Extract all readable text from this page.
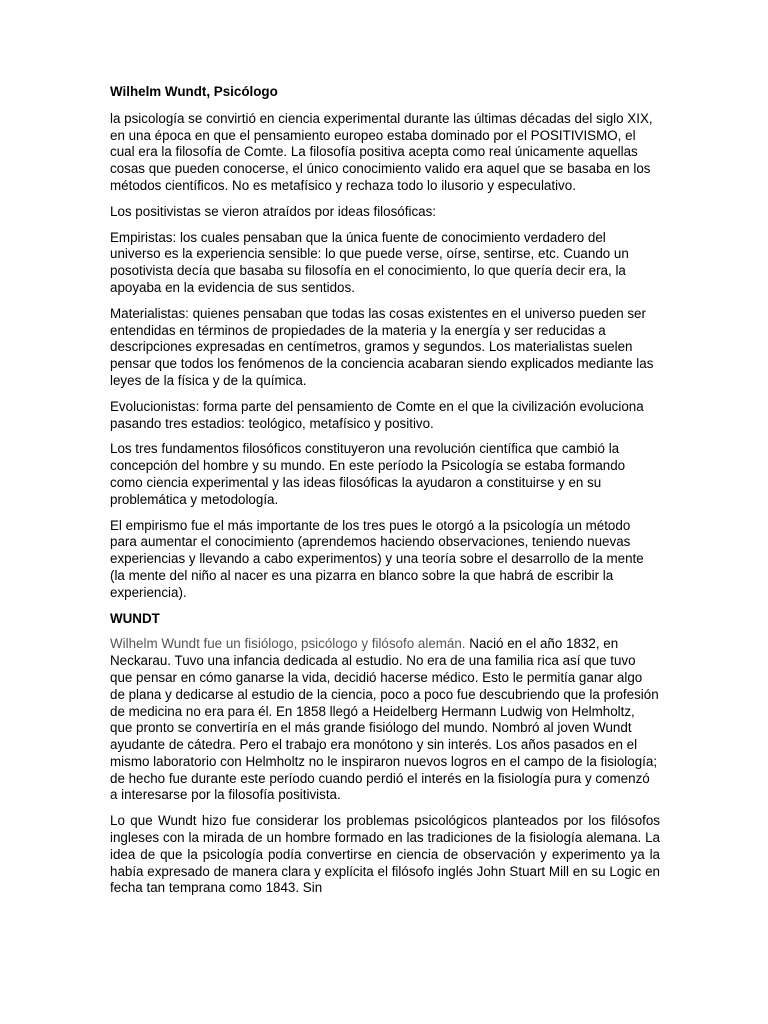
Wilhelm Wundt, Psicólogo

la psicología se convirtió en ciencia experimental durante las últimas décadas del siglo XIX, en una época en que el pensamiento europeo estaba dominado por el POSITIVISMO, el cual era la filosofía de Comte. La filosofía positiva acepta como real únicamente aquellas cosas que pueden conocerse, el único conocimiento valido era aquel que se basaba en los métodos científicos. No es metafísico y rechaza todo lo ilusorio y especulativo.

Los positivistas se vieron atraídos por ideas filosóficas:

Empiristas: los cuales pensaban que la única fuente de conocimiento verdadero del universo es la experiencia sensible: lo que puede verse, oírse, sentirse, etc. Cuando un posotivista decía que basaba su filosofía en el conocimiento, lo que quería decir era, la apoyaba en la evidencia de sus sentidos.

Materialistas: quienes pensaban que todas las cosas existentes en el universo pueden ser entendidas en términos de propiedades de la materia y la energía y ser reducidas a descripciones expresadas en centímetros, gramos y segundos. Los materialistas suelen pensar que todos los fenómenos de la conciencia acabaran siendo explicados mediante las leyes de la física y de la química.

Evolucionistas: forma parte del pensamiento de Comte en el que la civilización evoluciona pasando tres estadios: teológico, metafísico y positivo.

Los tres fundamentos filosóficos constituyeron una revolución científica que cambió la concepción del hombre y su mundo. En este período la Psicología se estaba formando como ciencia experimental y las ideas filosóficas la ayudaron a constituirse y en su problemática y metodología.

El empirismo fue el más importante de los tres pues le otorgó a la psicología un método para aumentar el conocimiento (aprendemos haciendo observaciones, teniendo nuevas experiencias y llevando a cabo experimentos) y una teoría sobre el desarrollo de la mente (la mente del niño al nacer es una pizarra en blanco sobre la que habrá de escribir la experiencia).

WUNDT

Wilhelm Wundt fue un fisiólogo, psicólogo y filósofo alemán. Nació en el año 1832, en Neckarau. Tuvo una infancia dedicada al estudio. No era de una familia rica así que tuvo que pensar en cómo ganarse la vida, decidió hacerse médico. Esto le permitía ganar algo de plana y dedicarse al estudio de la ciencia, poco a poco fue descubriendo que la profesión de medicina no era para él. En 1858 llegó a Heidelberg Hermann Ludwig von Helmholtz, que pronto se convertiría en el más grande fisiólogo del mundo. Nombró al joven Wundt ayudante de cátedra. Pero el trabajo era monótono y sin interés. Los años pasados en el mismo laboratorio con Helmholtz no le inspiraron nuevos logros en el campo de la fisiología; de hecho fue durante este período cuando perdió el interés en la fisiología pura y comenzó a interesarse por la filosofía positivista.

Lo que Wundt hizo fue considerar los problemas psicológicos planteados por los filósofos ingleses con la mirada de un hombre formado en las tradiciones de la fisiología alemana. La idea de que la psicología podía convertirse en ciencia de observación y experimento ya la había expresado de manera clara y explícita el filósofo inglés John Stuart Mill en su Logic en fecha tan temprana como 1843. Sin
